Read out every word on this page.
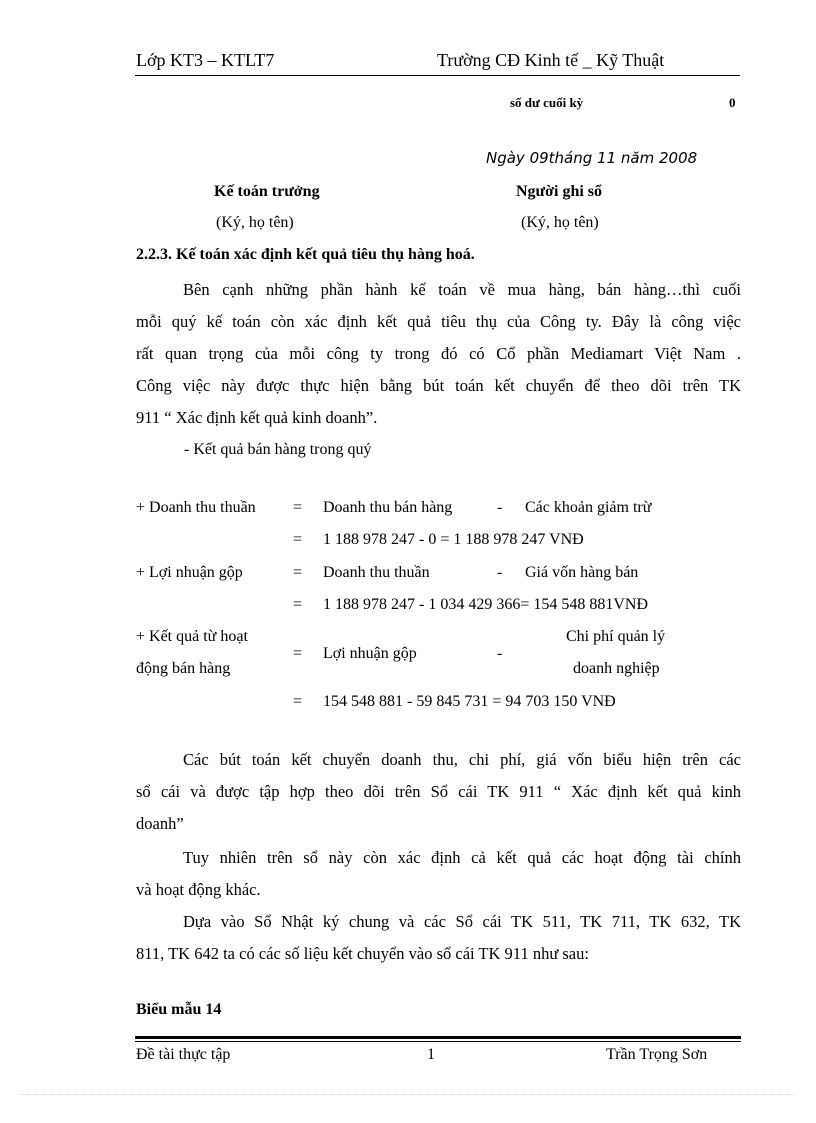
Lớp KT3 – KTLT7	Trường CĐ Kinh tế _ Kỹ Thuật
số dư cuối kỳ	0
Ngày 09tháng 11 năm 2008
Kế toán trưởng
(Ký, họ tên)
Người ghi sổ
(Ký, họ tên)
2.2.3. Kế toán xác định kết quả tiêu thụ hàng hoá.
Bên cạnh những phần hành kế toán về mua hàng, bán hàng…thì cuối
mỗi quý kế toán còn xác định kết quả tiêu thụ của Công ty. Đây là công việc
rất quan trọng của mỗi công ty trong đó có Cổ phần Mediamart Việt Nam .
Công việc này được thực hiện bằng bút toán kết chuyển để theo dõi trên TK
911 “ Xác định kết quả kinh doanh”.
- Kết quả bán hàng trong quý
+ Doanh thu thuần = Doanh thu bán hàng	- Các khoản giảm trừ
= 1 188 978 247 - 0 = 1 188 978 247 VNĐ
+ Lợi nhuận gộp	= Doanh thu thuần	- Giá vốn hàng bán
= 1 188 978 247 - 1 034 429 366= 154 548 881VNĐ
+ Kết quả từ hoạt
động bán hàng
= Lợi nhuận gộp	-
Chi phí quản lý
doanh nghiệp
= 154 548 881 - 59 845 731 = 94 703 150 VNĐ
Các bút toán kết chuyển doanh thu, chi phí, giá vốn biểu hiện trên các
sổ cái và được tập hợp theo dõi trên Sổ cái TK 911 “ Xác định kết quả kinh
doanh”
Tuy nhiên trên sổ này còn xác định cả kết quả các hoạt động tài chính
và hoạt động khác.
Dựa vào Sổ Nhật ký chung và các Sổ cái TK 511, TK 711, TK 632, TK
811, TK 642 ta có các số liệu kết chuyển vào sổ cái TK 911 như sau:
Biểu mẫu 14
Đề tài thực tập	1	Trần Trọng Sơn
